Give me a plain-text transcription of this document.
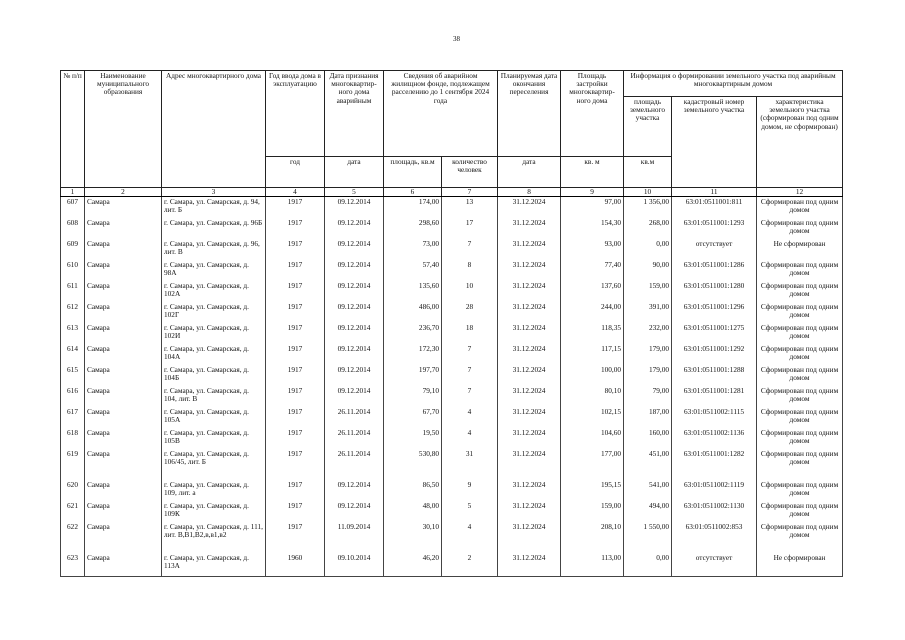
38
№ п/п	Наименование муниципального образования	Адрес многоквартирного дома	Год ввода дома в эксплуатацию	Дата признания многоквартир-ного дома аварийным	Сведения об аварийном жилищном фонде, подлежащем расселению до 1 сентября 2024 года		Планируемая дата окончания переселения	Площадь застройки многоквартир-ного дома	Информация о формировании земельного участка под аварийным многоквартирным домом		
									площадь земельного участка	кадастровый номер земельного участка	характеристика земельного участка (сформирован под одним домом, не сформирован)
			год	дата	площадь, кв.м	количество человек	дата	кв. м	кв.м		
1	2	3	4	5	6	7	8	9	10	11	12
607	Самара	г. Самара, ул. Самарская, д. 94, лит. Б	1917	09.12.2014	174,00	13	31.12.2024	97,00	1 356,00	63:01:0511001:811	Сформирован под одним домом
608	Самара	г. Самара, ул. Самарская, д. 96Б	1917	09.12.2014	298,60	17	31.12.2024	154,30	268,00	63:01:0511001:1293	Сформирован под одним домом
609	Самара	г. Самара, ул. Самарская, д. 96, лит. В	1917	09.12.2014	73,00	7	31.12.2024	93,00	0,00	отсутствует	Не сформирован
610	Самара	г. Самара, ул. Самарская, д. 98А	1917	09.12.2014	57,40	8	31.12.2024	77,40	90,00	63:01:0511001:1286	Сформирован под одним домом
611	Самара	г. Самара, ул. Самарская, д. 102А	1917	09.12.2014	135,60	10	31.12.2024	137,60	159,00	63:01:0511001:1280	Сформирован под одним домом
612	Самара	г. Самара, ул. Самарская, д. 102Г	1917	09.12.2014	486,00	28	31.12.2024	244,00	391,00	63:01:0511001:1296	Сформирован под одним домом
613	Самара	г. Самара, ул. Самарская, д. 102И	1917	09.12.2014	236,70	18	31.12.2024	118,35	232,00	63:01:0511001:1275	Сформирован под одним домом
614	Самара	г. Самара, ул. Самарская, д. 104А	1917	09.12.2014	172,30	7	31.12.2024	117,15	179,00	63:01:0511001:1292	Сформирован под одним домом
615	Самара	г. Самара, ул. Самарская, д. 104Б	1917	09.12.2014	197,70	7	31.12.2024	100,00	179,00	63:01:0511001:1288	Сформирован под одним домом
616	Самара	г. Самара, ул. Самарская, д. 104, лит. В	1917	09.12.2014	79,10	7	31.12.2024	80,10	79,00	63:01:0511001:1281	Сформирован под одним домом
617	Самара	г. Самара, ул. Самарская, д. 105А	1917	26.11.2014	67,70	4	31.12.2024	102,15	187,00	63:01:0511002:1115	Сформирован под одним домом
618	Самара	г. Самара, ул. Самарская, д. 105В	1917	26.11.2014	19,50	4	31.12.2024	104,60	160,00	63:01:0511002:1136	Сформирован под одним домом
619	Самара	г. Самара, ул. Самарская, д. 106/45, лит. Б	1917	26.11.2014	530,80	31	31.12.2024	177,00	451,00	63:01:0511001:1282	Сформирован под одним домом
620	Самара	г. Самара, ул. Самарская, д. 109, лит. а	1917	09.12.2014	86,50	9	31.12.2024	195,15	541,00	63:01:0511002:1119	Сформирован под одним домом
621	Самара	г. Самара, ул. Самарская, д. 109К	1917	09.12.2014	48,00	5	31.12.2024	159,00	494,00	63:01:0511002:1130	Сформирован под одним домом
622	Самара	г. Самара, ул. Самарская, д. 111, лит. В,В1,В2,в,в1,в2	1917	11.09.2014	30,10	4	31.12.2024	208,10	1 550,00	63:01:0511002:853	Сформирован под одним домом
623	Самара	г. Самара, ул. Самарская, д. 113А	1960	09.10.2014	46,20	2	31.12.2024	113,00	0,00	отсутствует	Не сформирован
